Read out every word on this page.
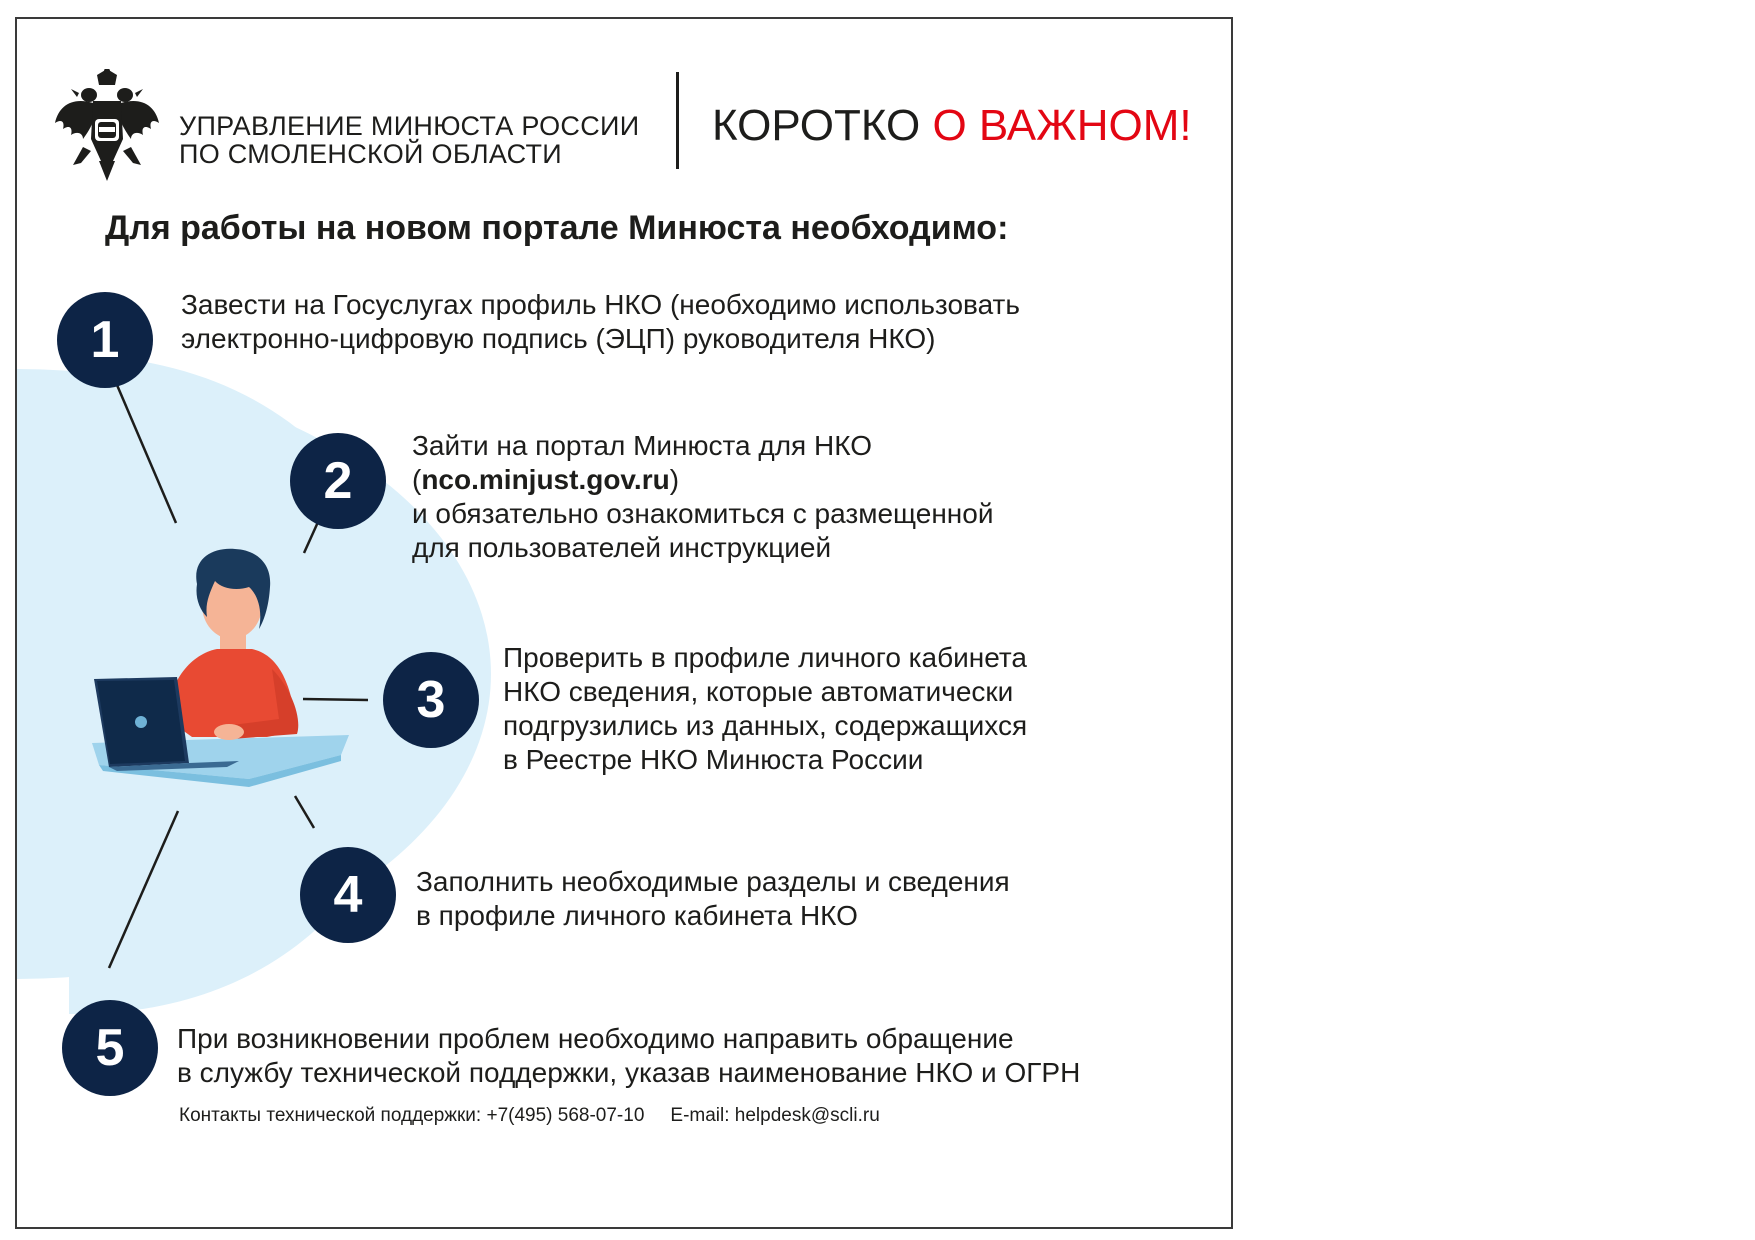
УПРАВЛЕНИЕ МИНЮСТА РОССИИ
ПО СМОЛЕНСКОЙ ОБЛАСТИ
КОРОТКО О ВАЖНОМ!
Для работы на новом портале Минюста необходимо:
1
Завести на Госуслугах профиль НКО (необходимо использовать
электронно-цифровую подпись (ЭЦП) руководителя НКО)
2
Зайти на портал Минюста для НКО
(nco.minjust.gov.ru)
и обязательно ознакомиться с размещенной
для пользователей инструкцией
3
Проверить в профиле личного кабинета
НКО сведения, которые автоматически
подгрузились из данных, содержащихся
в Реестре НКО Минюста России
4	Заполнить необходимые разделы и сведения
в профиле личного кабинета НКО
5	При возникновении проблем необходимо направить обращение
в службу технической поддержки, указав наименование НКО и ОГРН
Контакты технической поддержки: +7(495) 568-07-10 E-mail: helpdesk@scli.ru
